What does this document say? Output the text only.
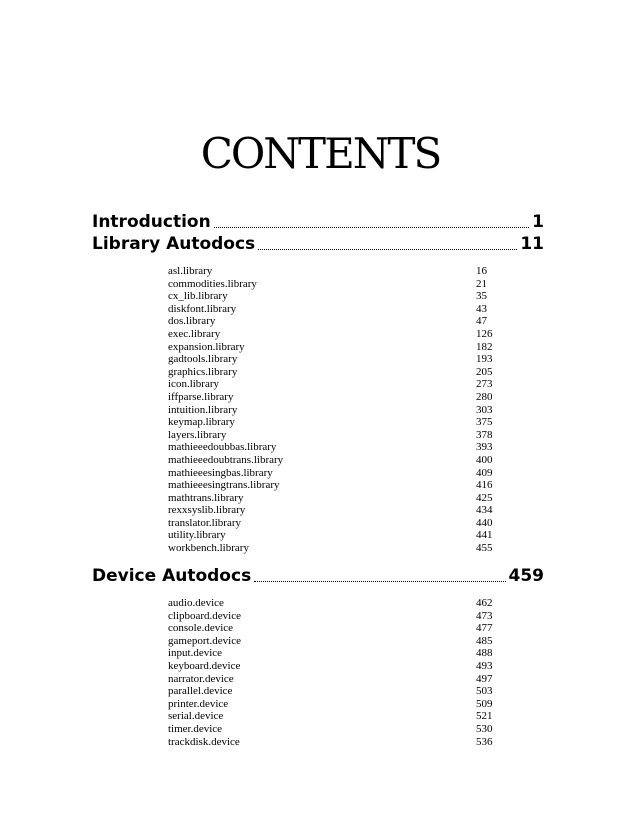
CONTENTS
Introduction	1
Library Autodocs	11
asl.library	16
commodities.library	21
cx_lib.library	35
diskfont.library	43
dos.library	47
exec.library	126
expansion.library	182
gadtools.library	193
graphics.library	205
icon.library	273
iffparse.library	280
intuition.library	303
keymap.library	375
layers.library	378
mathieeedoubbas.library	393
mathieeedoubtrans.library	400
mathieeesingbas.library	409
mathieeesingtrans.library	416
mathtrans.library	425
rexxsyslib.library	434
translator.library	440
utility.library	441
workbench.library	455
Device Autodocs	459
audio.device	462
clipboard.device	473
console.device	477
gameport.device	485
input.device	488
keyboard.device	493
narrator.device	497
parallel.device	503
printer.device	509
serial.device	521
timer.device	530
trackdisk.device	536
